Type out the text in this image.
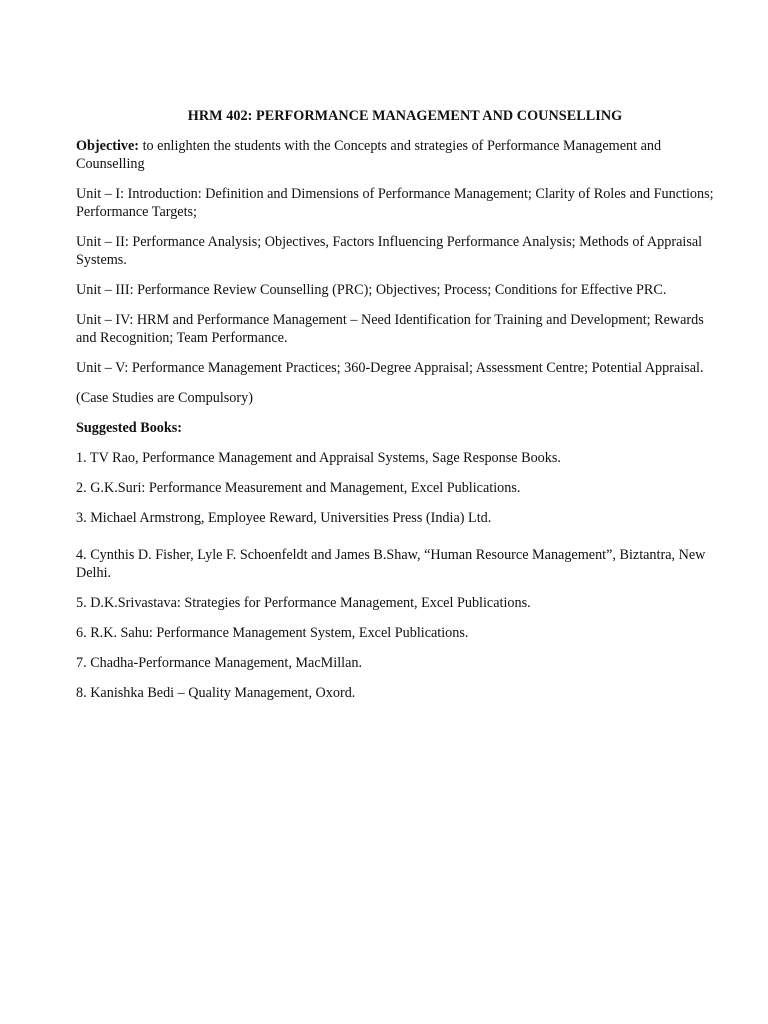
HRM 402: PERFORMANCE MANAGEMENT AND COUNSELLING

Objective: to enlighten the students with the Concepts and strategies of Performance Management and Counselling

Unit – I: Introduction: Definition and Dimensions of Performance Management; Clarity of Roles and Functions; Performance Targets;

Unit – II: Performance Analysis; Objectives, Factors Influencing Performance Analysis; Methods of Appraisal Systems.

Unit – III: Performance Review Counselling (PRC); Objectives; Process; Conditions for Effective PRC.

Unit – IV: HRM and Performance Management – Need Identification for Training and Development; Rewards and Recognition; Team Performance.

Unit – V: Performance Management Practices; 360-Degree Appraisal; Assessment Centre; Potential Appraisal.

(Case Studies are Compulsory)

Suggested Books:

1. TV Rao, Performance Management and Appraisal Systems, Sage Response Books.

2. G.K.Suri: Performance Measurement and Management, Excel Publications.

3. Michael Armstrong, Employee Reward, Universities Press (India) Ltd.

4. Cynthis D. Fisher, Lyle F. Schoenfeldt and James B.Shaw, “Human Resource Management”, Biztantra, New Delhi.

5. D.K.Srivastava: Strategies for Performance Management, Excel Publications.

6. R.K. Sahu: Performance Management System, Excel Publications.

7. Chadha-Performance Management, MacMillan.

8. Kanishka Bedi – Quality Management, Oxord.
